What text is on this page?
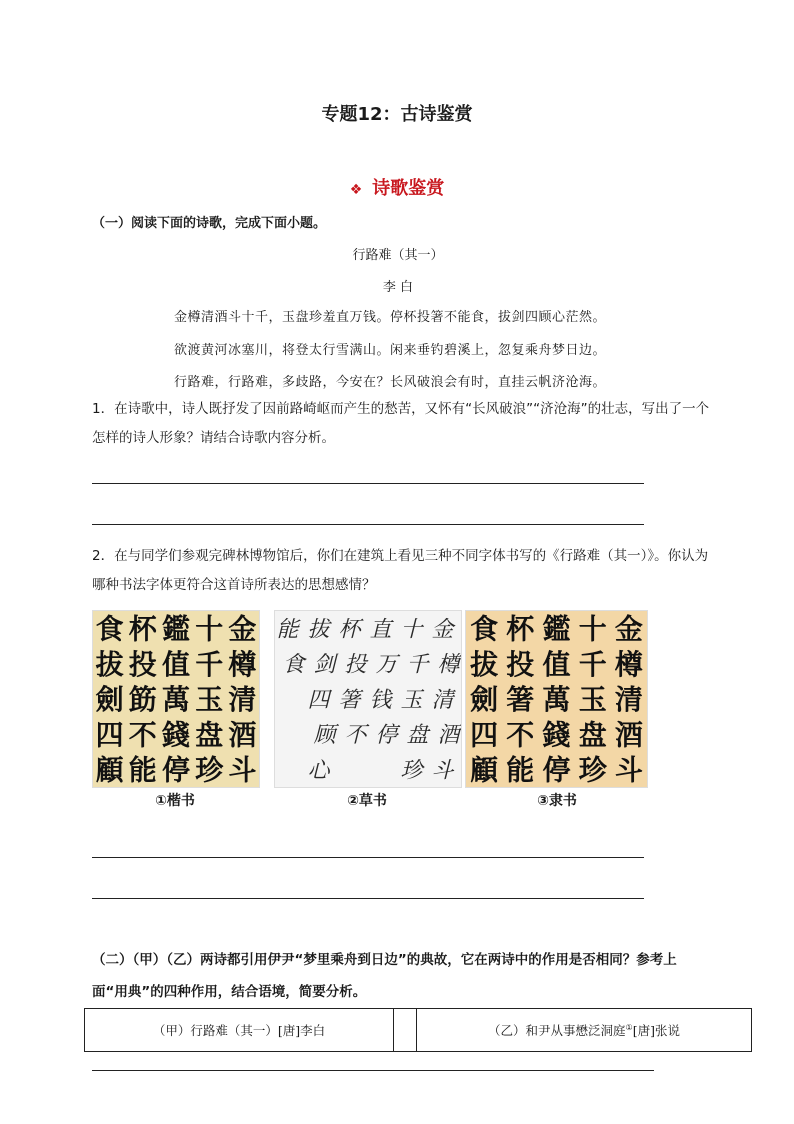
专题12：古诗鉴赏
❖ 诗歌鉴赏
（一）阅读下面的诗歌，完成下面小题。
行路难（其一）
李 白
金樽清酒斗十千，玉盘珍羞直万钱。停杯投箸不能食，拔剑四顾心茫然。
欲渡黄河冰塞川，将登太行雪满山。闲来垂钓碧溪上，忽复乘舟梦日边。
行路难，行路难，多歧路，今安在？长风破浪会有时，直挂云帆济沧海。
1．在诗歌中，诗人既抒发了因前路崎岖而产生的愁苦，又怀有“长风破浪”“济沧海”的壮志，写出了一个怎样的诗人形象？请结合诗歌内容分析。
2．在与同学们参观完碑林博物馆后，你们在建筑上看见三种不同字体书写的《行路难（其一）》。你认为哪种书法字体更符合这首诗所表达的思想感情？
金
樽
清
酒
斗
十
千
玉
盘
珍
鑑
值
萬
錢
停
杯
投
筯
不
能
食
拔
劍
四
顧
金
樽
清
酒
斗
十
千
玉
盘
珍
直
万
钱
停
杯
投
箸
不
拔
剑
四
顾
心
能
食
金
樽
清
酒
斗
十
千
玉
盘
珍
鑑
值
萬
錢
停
杯
投
箸
不
能
食
拔
劍
四
顧
①楷书	②草书	③隶书
（二）（甲）（乙）两诗都引用伊尹“梦里乘舟到日边”的典故，它在两诗中的作用是否相同？参考上面“用典”的四种作用，结合语境，简要分析。
（甲）行路难（其一）[唐]李白		（乙）和尹从事懋泛洞庭①[唐]张说
